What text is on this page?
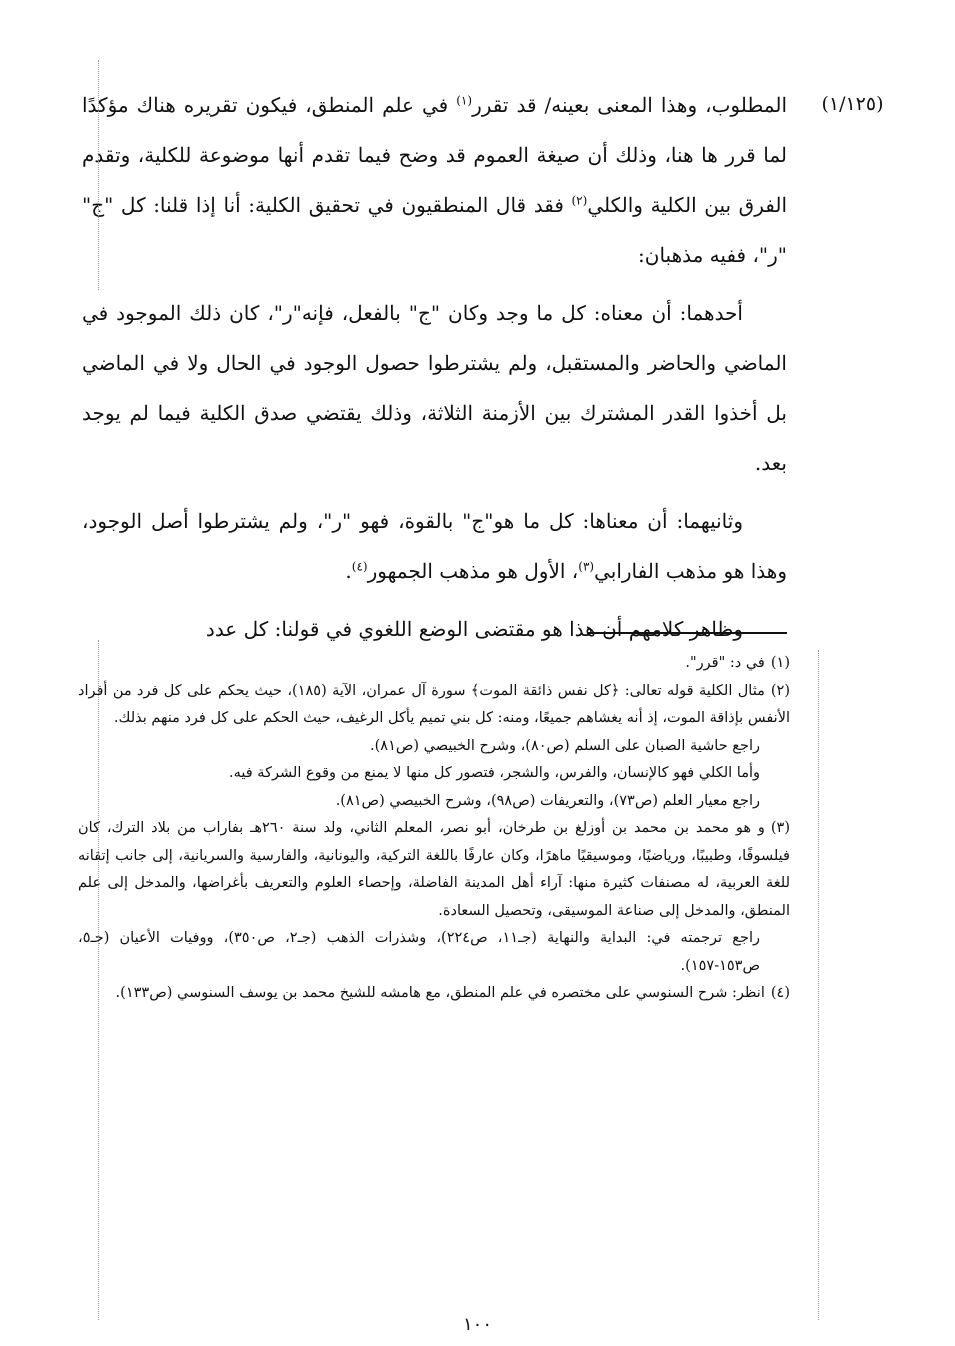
(١/١٢٥)

المطلوب، وهذا المعنى بعينه/ قد تقرر$^{(١)}$ في علم المنطق، فيكون تقريره هناك مؤكدًا لما قرر ها هنا، وذلك أن صيغة العموم قد وضح فيما تقدم أنها موضوعة للكلية، وتقدم الفرق بين الكلية والكلي$^{(٢)}$ فقد قال المنطقيون في تحقيق الكلية: أنا إذا قلنا: كل "ج" "ر"، ففيه مذهبان:

أحدهما: أن معناه: كل ما وجد وكان "ج" بالفعل، فإنه"ر"، كان ذلك الموجود في الماضي والحاضر والمستقبل، ولم يشترطوا حصول الوجود في الحال ولا في الماضي بل أخذوا القدر المشترك بين الأزمنة الثلاثة، وذلك يقتضي صدق الكلية فيما لم يوجد بعد.

وثانيهما: أن معناها: كل ما هو"ج" بالقوة، فهو "ر"، ولم يشترطوا أصل الوجود، وهذا هو مذهب الفارابي$^{(٣)}$، الأول هو مذهب الجمهور$^{(٤)}$.

وظاهر كلامهم أن هذا هو مقتضى الوضع اللغوي في قولنا: كل عدد

(١)في د: "قرر".

(٢)مثال الكلية قوله تعالى: ﴿كل نفس ذائقة الموت﴾ سورة آل عمران، الآية (١٨٥)، حيث يحكم على كل فرد من أفراد الأنفس بإذاقة الموت، إذ أنه يغشاهم جميعًا، ومنه: كل بني تميم يأكل الرغيف، حيث الحكم على كل فرد منهم بذلك.

راجع حاشية الصبان على السلم (ص٨٠)، وشرح الخبيصي (ص٨١).

وأما الكلي فهو كالإنسان، والفرس، والشجر، فتصور كل منها لا يمنع من وقوع الشركة فيه.

راجع معيار العلم (ص٧٣)، والتعريفات (ص٩٨)، وشرح الخبيصي (ص٨١).

(٣)و هو محمد بن محمد بن أوزلغ بن طرخان، أبو نصر، المعلم الثاني، ولد سنة ٢٦٠هـ بفاراب من بلاد الترك، كان فيلسوفًا، وطبيبًا، ورياضيًا، وموسيقيًا ماهرًا، وكان عارفًا باللغة التركية، واليونانية، والفارسية والسريانية، إلى جانب إتقانه للغة العربية، له مصنفات كثيرة منها: آراء أهل المدينة الفاضلة، وإحصاء العلوم والتعريف بأغراضها، والمدخل إلى علم المنطق، والمدخل إلى صناعة الموسيقى، وتحصيل السعادة.

راجع ترجمته في: البداية والنهاية (جـ١١، ص٢٢٤)، وشذرات الذهب (جـ٢، ص٣٥٠)، ووفيات الأعيان (جـ٥، ص١٥٣-١٥٧).

(٤)انظر: شرح السنوسي على مختصره في علم المنطق، مع هامشه للشيخ محمد بن يوسف السنوسي (ص١٣٣).

١٠٠
